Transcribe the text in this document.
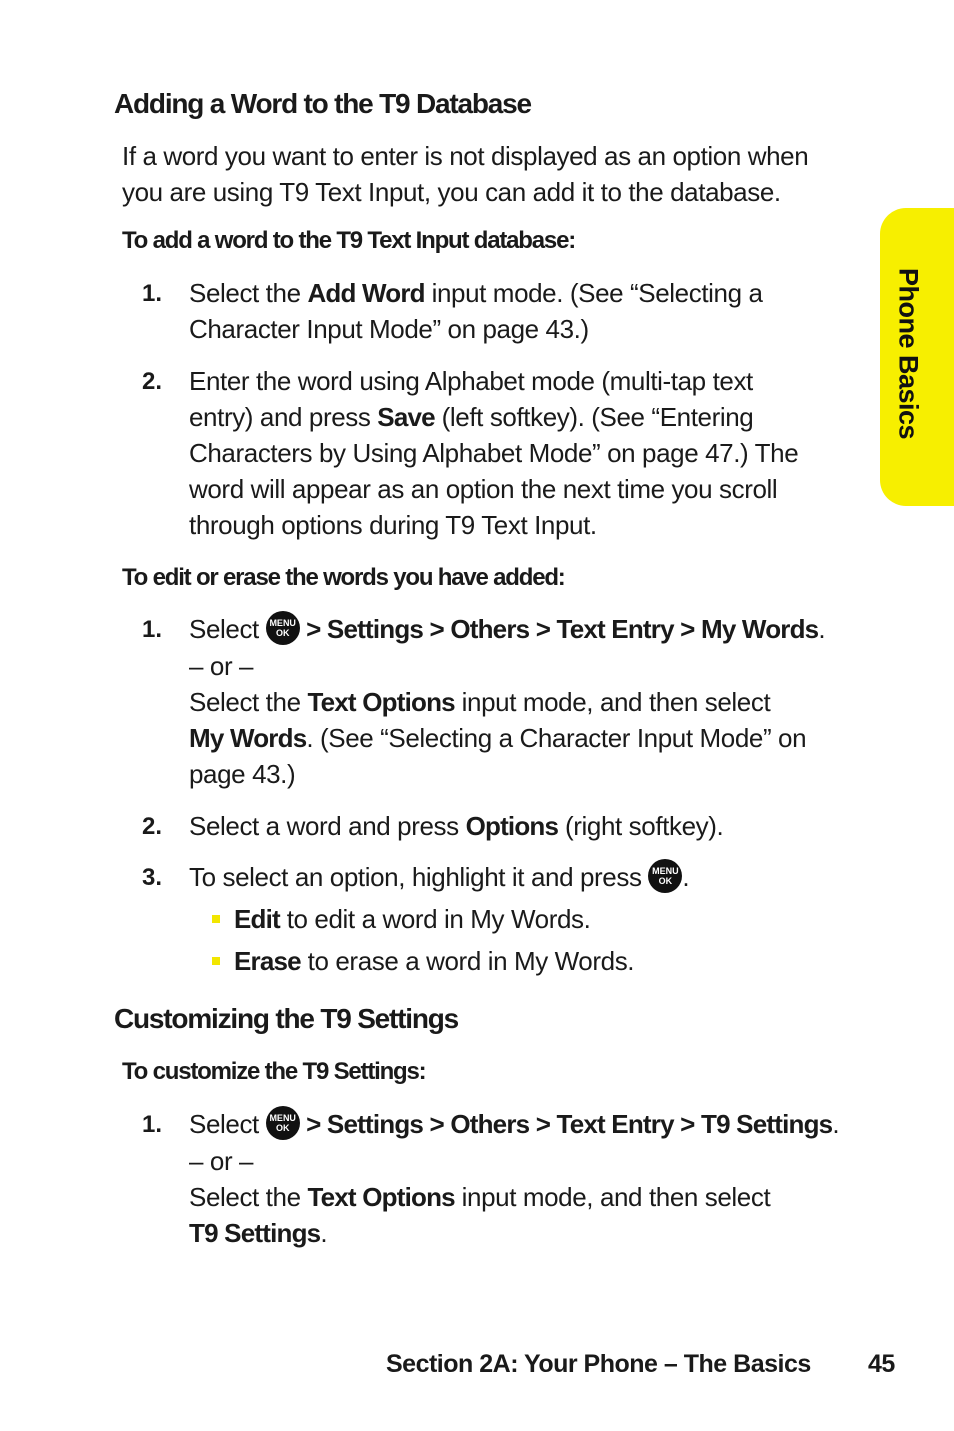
Phone Basics
Adding a Word to the T9 Database
If a word you want to enter is not displayed as an option when
you are using T9 Text Input, you can add it to the database.
To add a word to the T9 Text Input database:
1. Select the Add Word input mode. (See “Selecting a
Character Input Mode” on page 43.)
2. Enter the word using Alphabet mode (multi-tap text
entry) and press Save (left softkey). (See “Entering
Characters by Using Alphabet Mode” on page 47.) The
word will appear as an option the next time you scroll
through options during T9 Text Input.
To edit or erase the words you have added:
1. Select MENU
OK > Settings > Others > Text Entry > My Words.
– or –
Select the Text Options input mode, and then select
My Words. (See “Selecting a Character Input Mode” on
page 43.)
2. Select a word and press Options (right softkey).
3. To select an option, highlight it and press MENU
OK .
Edit to edit a word in My Words.
Erase to erase a word in My Words.
Customizing the T9 Settings
To customize the T9 Settings:
1. Select MENU
OK > Settings > Others > Text Entry > T9 Settings.
– or –
Select the Text Options input mode, and then select
T9 Settings.
Section 2A: Your Phone – The Basics 45
